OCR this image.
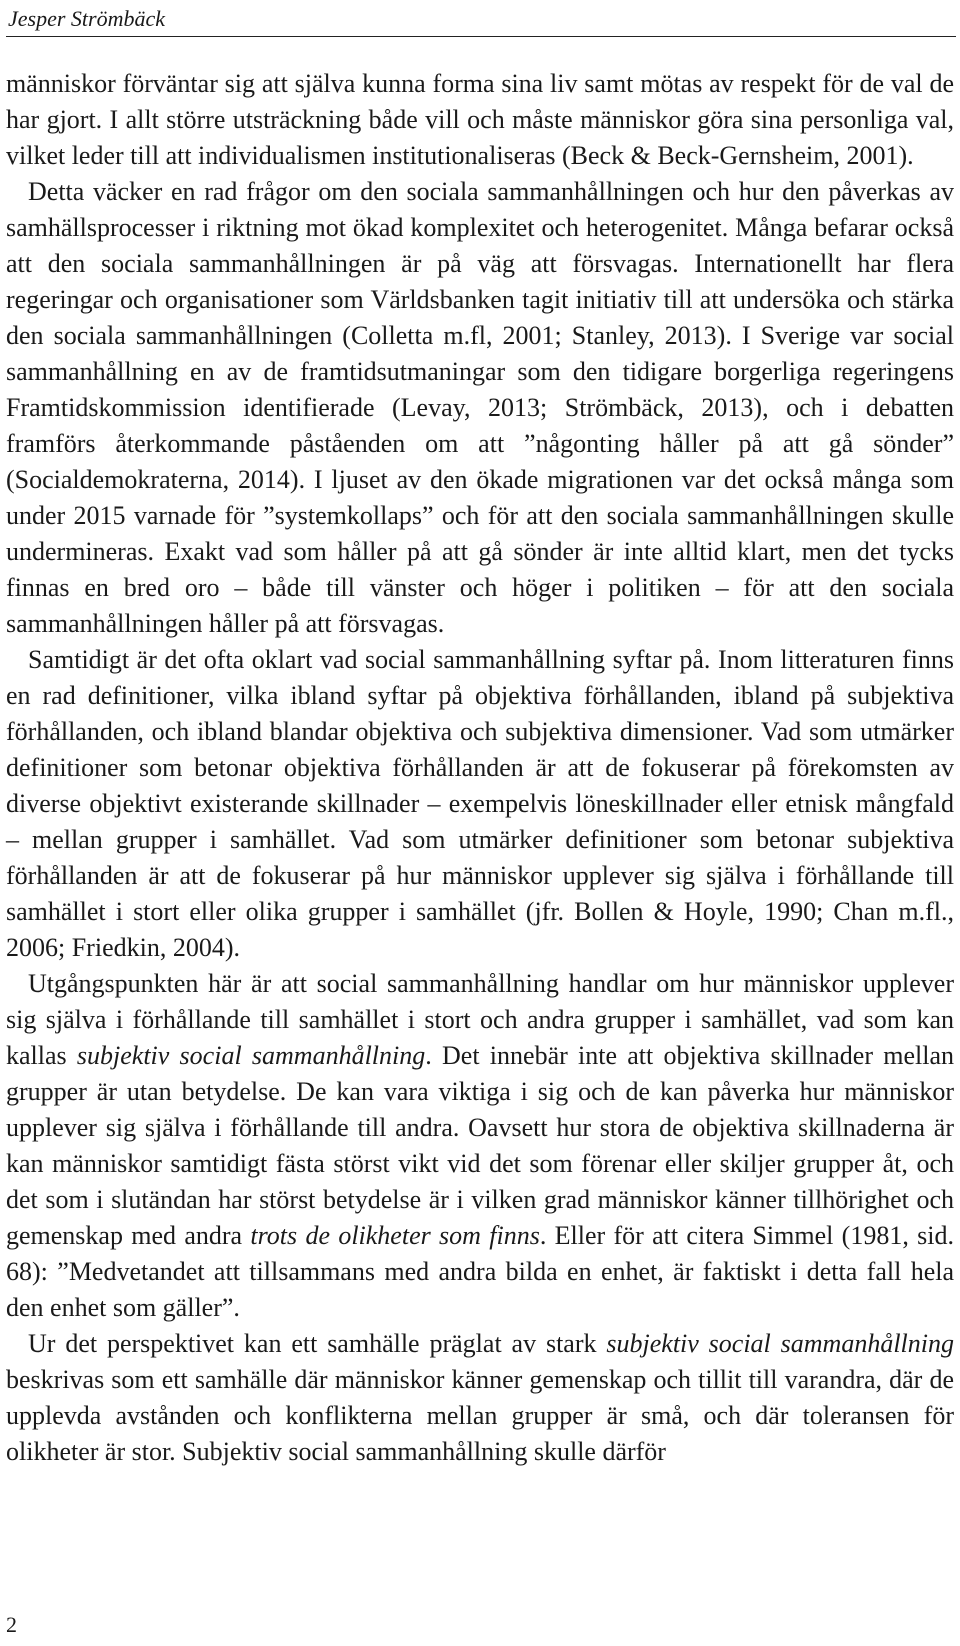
Jesper Strömbäck

människor förväntar sig att själva kunna forma sina liv samt mötas av respekt för de val de har gjort. I allt större utsträckning både vill och måste människor göra sina personliga val, vilket leder till att individualismen institutionaliseras (Beck & Beck-Gernsheim, 2001).

Detta väcker en rad frågor om den sociala sammanhållningen och hur den påverkas av samhällsprocesser i riktning mot ökad komplexitet och heterogenitet. Många befarar också att den sociala sammanhållningen är på väg att försvagas. Internationellt har flera regeringar och organisationer som Världsbanken tagit initiativ till att undersöka och stärka den sociala sammanhållningen (Colletta m.fl, 2001; Stanley, 2013). I Sverige var social sammanhållning en av de framtidsutmaningar som den tidigare borgerliga regeringens Framtidskommission identifierade (Levay, 2013; Strömbäck, 2013), och i debatten framförs återkommande påståenden om att ”någonting håller på att gå sönder” (Socialdemokraterna, 2014). I ljuset av den ökade migrationen var det också många som under 2015 varnade för ”systemkollaps” och för att den sociala sammanhållningen skulle undermineras. Exakt vad som håller på att gå sönder är inte alltid klart, men det tycks finnas en bred oro – både till vänster och höger i politiken – för att den sociala sammanhållningen håller på att försvagas.

Samtidigt är det ofta oklart vad social sammanhållning syftar på. Inom litteraturen finns en rad definitioner, vilka ibland syftar på objektiva förhållanden, ibland på subjektiva förhållanden, och ibland blandar objektiva och subjektiva dimensioner. Vad som utmärker definitioner som betonar objektiva förhållanden är att de fokuserar på förekomsten av diverse objektivt existerande skillnader – exempelvis löneskillnader eller etnisk mångfald – mellan grupper i samhället. Vad som utmärker definitioner som betonar subjektiva förhållanden är att de fokuserar på hur människor upplever sig själva i förhållande till samhället i stort eller olika grupper i samhället (jfr. Bollen & Hoyle, 1990; Chan m.fl., 2006; Friedkin, 2004).

Utgångspunkten här är att social sammanhållning handlar om hur människor upplever sig själva i förhållande till samhället i stort och andra grupper i samhället, vad som kan kallas subjektiv social sammanhållning. Det innebär inte att objektiva skillnader mellan grupper är utan betydelse. De kan vara viktiga i sig och de kan påverka hur människor upplever sig själva i förhållande till andra. Oavsett hur stora de objektiva skillnaderna är kan människor samtidigt fästa störst vikt vid det som förenar eller skiljer grupper åt, och det som i slutändan har störst betydelse är i vilken grad människor känner tillhörighet och gemenskap med andra trots de olikheter som finns. Eller för att citera Simmel (1981, sid. 68): ”Medvetandet att tillsammans med andra bilda en enhet, är faktiskt i detta fall hela den enhet som gäller”.

Ur det perspektivet kan ett samhälle präglat av stark subjektiv social sammanhållning beskrivas som ett samhälle där människor känner gemenskap och tillit till varandra, där de upplevda avstånden och konflikterna mellan grupper är små, och där toleransen för olikheter är stor. Subjektiv social sammanhållning skulle därför

2
